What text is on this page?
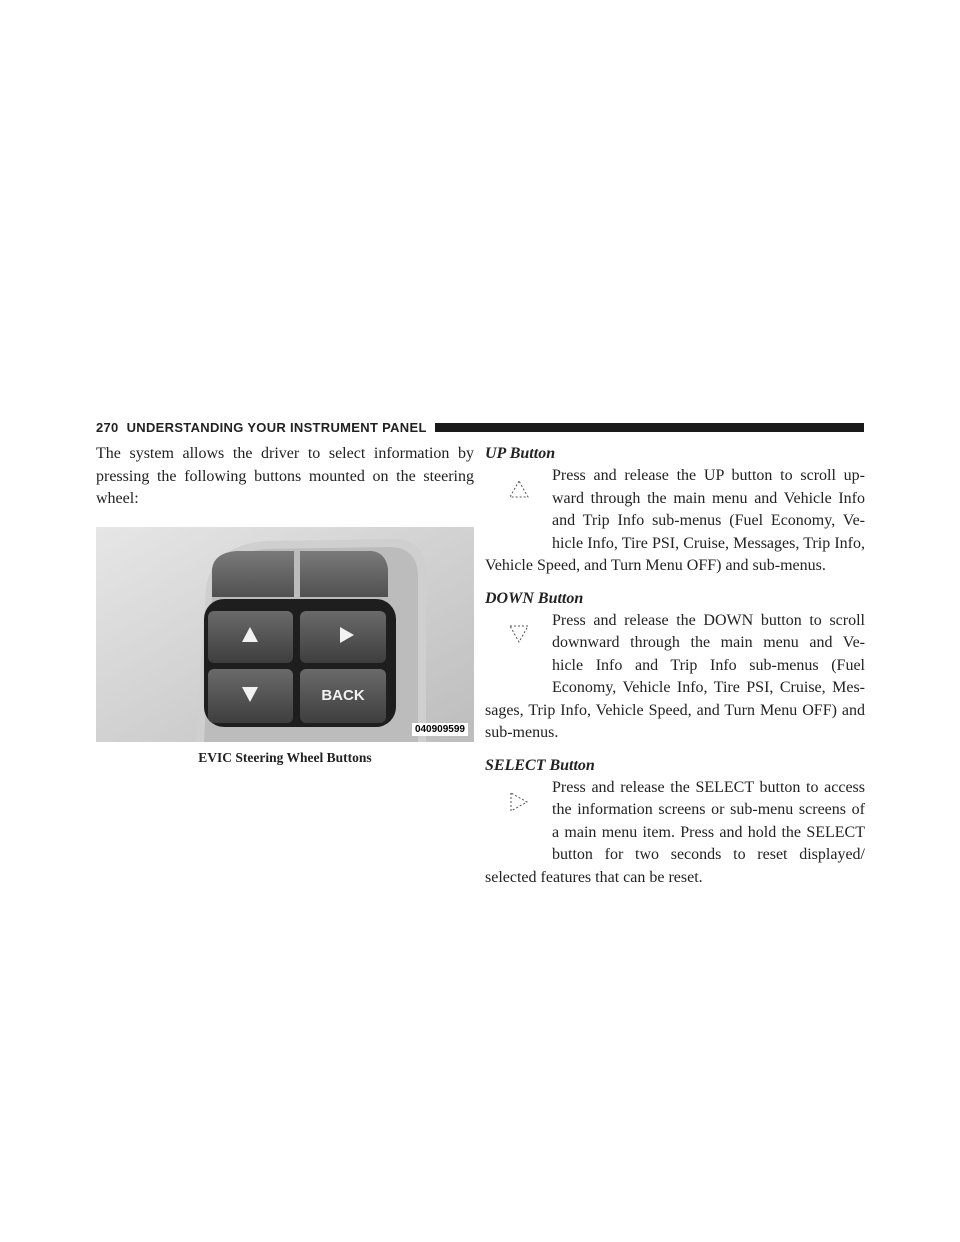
270 UNDERSTANDING YOUR INSTRUMENT PANEL

The system allows the driver to select information by pressing the following buttons mounted on the steering wheel:

BACK
040909599
EVIC Steering Wheel Buttons

UP Button

Press and release the UP button to scroll up-

ward through the main menu and Vehicle Info

and Trip Info sub-menus (Fuel Economy, Ve-

hicle Info, Tire PSI, Cruise, Messages, Trip Info,

Vehicle Speed, and Turn Menu OFF) and sub-menus.

DOWN Button

Press and release the DOWN button to scroll

downward through the main menu and Ve-

hicle Info and Trip Info sub-menus (Fuel

Economy, Vehicle Info, Tire PSI, Cruise, Mes-

sages, Trip Info, Vehicle Speed, and Turn Menu OFF) and

sub-menus.

SELECT Button

Press and release the SELECT button to access

the information screens or sub-menu screens of

a main menu item. Press and hold the SELECT

button for two seconds to reset displayed/

selected features that can be reset.
